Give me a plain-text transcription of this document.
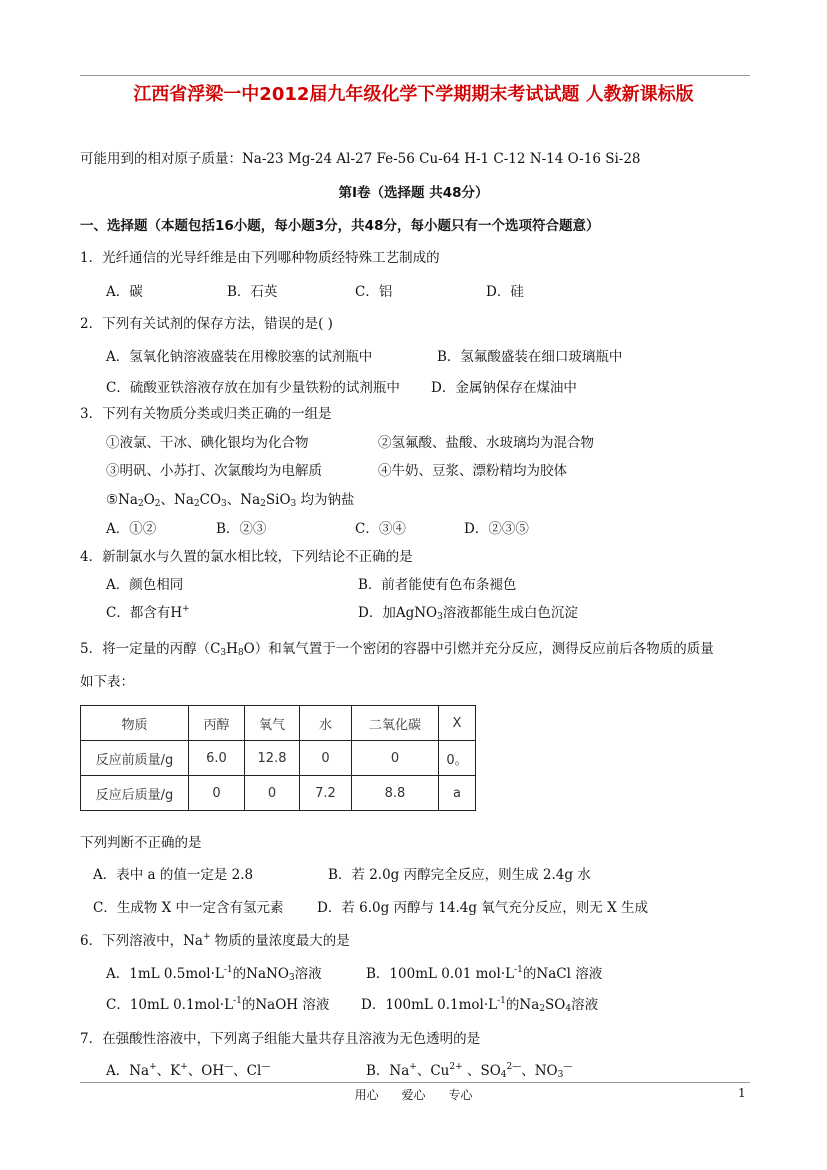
江西省浮梁一中2012届九年级化学下学期期末考试试题 人教新课标版
可能用到的相对原子质量：Na-23 Mg-24 Al-27 Fe-56 Cu-64 H-1 C-12 N-14 O-16 Si-28
第Ⅰ卷（选择题 共48分）
一、选择题（本题包括16小题，每小题3分，共48分，每小题只有一个选项符合题意）
1．光纤通信的光导纤维是由下列哪种物质经特殊工艺制成的
A．碳	B．石英	C．铝	D．硅
2．下列有关试剂的保存方法，错误的是( )
A．氢氧化钠溶液盛装在用橡胶塞的试剂瓶中	B．氢氟酸盛装在细口玻璃瓶中
C．硫酸亚铁溶液存放在加有少量铁粉的试剂瓶中 D．金属钠保存在煤油中
3．下列有关物质分类或归类正确的一组是
①液氯、干冰、碘化银均为化合物	②氢氟酸、盐酸、水玻璃均为混合物
③明矾、小苏打、次氯酸均为电解质	④牛奶、豆浆、漂粉精均为胶体
$⑤Na_2O_2$、$Na_2CO_3$、$Na_2SiO_3$ 均为钠盐
A．①②	B．②③	C．③④	D．②③⑤
4．新制氯水与久置的氯水相比较，下列结论不正确的是
A．颜色相同	B．前者能使有色布条褪色
C．都含有H+	D．加AgNO$_3$溶液都能生成白色沉淀
5．将一定量的丙醇$(C_3H_8O)$和氧气置于一个密闭的容器中引燃并充分反应，测得反应前后各物质的质量
如下表：
物质	丙醇	氧气	水	二氧化碳	X
反应前质量/g	6.0	12.8	0	0	0。
反应后质量/g	0	0	7.2	8.8	a
下列判断不正确的是
A．表中 a 的值一定是 2.8	B．若 2.0g 丙醇完全反应，则生成 2.4g 水
C．生成物 X 中一定含有氢元素 D．若 6.0g 丙醇与 14.4g 氧气充分反应，则无 X 生成
6．下列溶液中，Na+ 物质的量浓度最大的是
A．1mL $0.5mol\cdot L^{-1}$的NaNO$_3$溶液	B．100mL 0.01 $mol\cdot L^{-1}$的NaCl 溶液
C．10mL $0.1mol\cdot L^{-1}$的NaOH 溶液 D．100mL $0.1mol\cdot L^{-1}$的$Na_2SO_4$溶液
7．在强酸性溶液中，下列离子组能大量共存且溶液为无色透明的是
A．Na+、K+、OH—、Cl—	B．Na+、$Cu^{2+}$ 、$SO_4^{2—}$、$NO_3^—$
用心      爱心      专心	1
